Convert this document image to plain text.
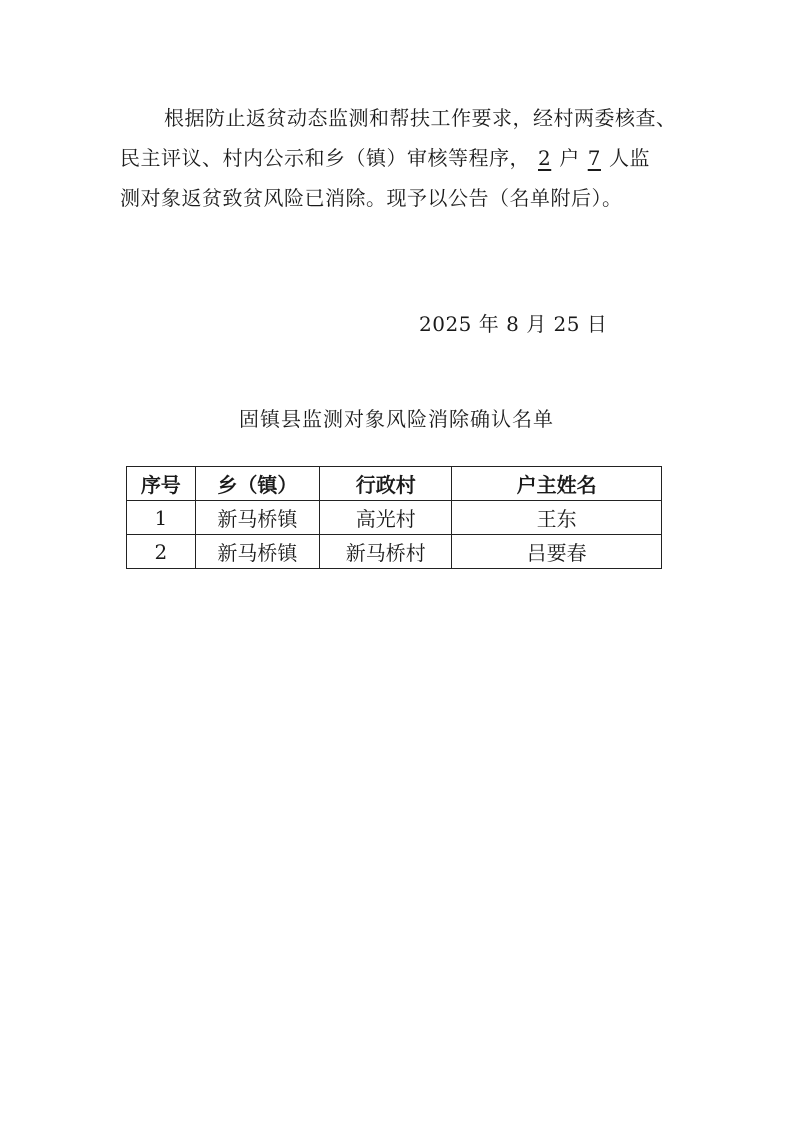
根据防止返贫动态监测和帮扶工作要求，经村两委核查、
民主评议、村内公示和乡（镇）审核等程序， 2 户 7 人监
测对象返贫致贫风险已消除。现予以公告（名单附后）。
2025 年 8 月 25 日
固镇县监测对象风险消除确认名单
序号	乡（镇）	行政村	户主姓名
1	新马桥镇	高光村	王东
2	新马桥镇	新马桥村	吕要春
